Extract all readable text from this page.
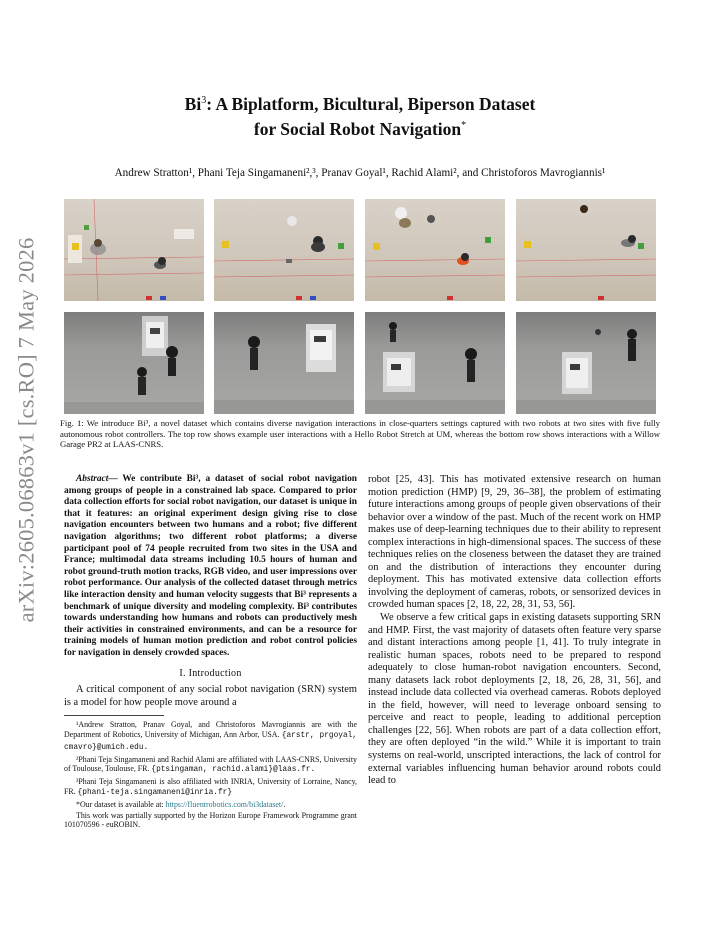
arXiv:2605.06863v1 [cs.RO] 7 May 2026
Bi$^3$: A Biplatform, Bicultural, Biperson Dataset
for Social Robot Navigation*
Andrew Stratton¹, Phani Teja Singamaneni²,³, Pranav Goyal¹, Rachid Alami², and Christoforos Mavrogiannis¹
Fig. 1: We introduce Bi³, a novel dataset which contains diverse navigation interactions in close-quarters settings captured with two robots at two sites with five fully autonomous robot controllers. The top row shows example user interactions with a Hello Robot Stretch at UM, whereas the bottom row shows interactions with a Willow Garage PR2 at LAAS-CNRS.

Abstract— We contribute Bi³, a dataset of social robot navigation among groups of people in a constrained lab space. Compared to prior data collection efforts for social robot navigation, our dataset is unique in that it features: an original experiment design giving rise to close navigation encounters between two humans and a robot; five different navigation algorithms; two different robot platforms; a diverse participant pool of 74 people recruited from two sites in the USA and France; multimodal data streams including 10.5 hours of human and robot ground-truth motion tracks, RGB video, and user impressions over robot performance. Our analysis of the collected dataset through metrics like interaction density and human velocity suggests that Bi³ represents a benchmark of unique diversity and modeling complexity. Bi³ contributes towards understanding how humans and robots can productively mesh their activities in constrained environments, and can be a resource for training models of human motion prediction and robot control policies for navigation in densely crowded spaces.

I. Introduction

A critical component of any social robot navigation (SRN) system is a model for how people move around a

¹Andrew Stratton, Pranav Goyal, and Christoforos Mavrogiannis are with the Department of Robotics, University of Michigan, Ann Arbor, USA. {arstr, prgoyal, cmavro}@umich.edu.

²Phani Teja Singamaneni and Rachid Alami are affiliated with LAAS-CNRS, University of Toulouse, Toulouse, FR. {ptsingaman, rachid.alami}@laas.fr.

³Phani Teja Singamaneni is also affiliated with INRIA, University of Lorraine, Nancy, FR. {phani-teja.singamaneni@inria.fr}

*Our dataset is available at: https://fluentrobotics.com/bi3dataset/.

This work was partially supported by the Horizon Europe Framework Programme grant 101070596 - euROBIN.

robot [25, 43]. This has motivated extensive research on human motion prediction (HMP) [9, 29, 36–38], the problem of estimating future interactions among groups of people given observations of their behavior over a window of the past. Much of the recent work on HMP makes use of deep-learning techniques due to their ability to represent complex interactions in high-dimensional spaces. The success of these techniques relies on the closeness between the dataset they are trained on and the distribution of interactions they encounter during deployment. This has motivated extensive data collection efforts involving the deployment of cameras, robots, or sensorized devices in crowded human spaces [2, 18, 22, 28, 31, 53, 56].

We observe a few critical gaps in existing datasets supporting SRN and HMP. First, the vast majority of datasets often feature very sparse and distant interactions among people [1, 41]. To truly integrate in realistic human spaces, robots need to be prepared to respond adequately to close human-robot navigation encounters. Second, many datasets lack robot deployments [2, 18, 26, 28, 31, 56], and instead include data collected via overhead cameras. Robots deployed in the field, however, will need to leverage onboard sensing to perceive and react to people, leading to additional perception challenges [22, 56]. When robots are part of a data collection effort, they are often deployed “in the wild.” While it is important to train systems on real-world, unscripted interactions, the lack of control for external variables influencing human behavior around robots could lead to
